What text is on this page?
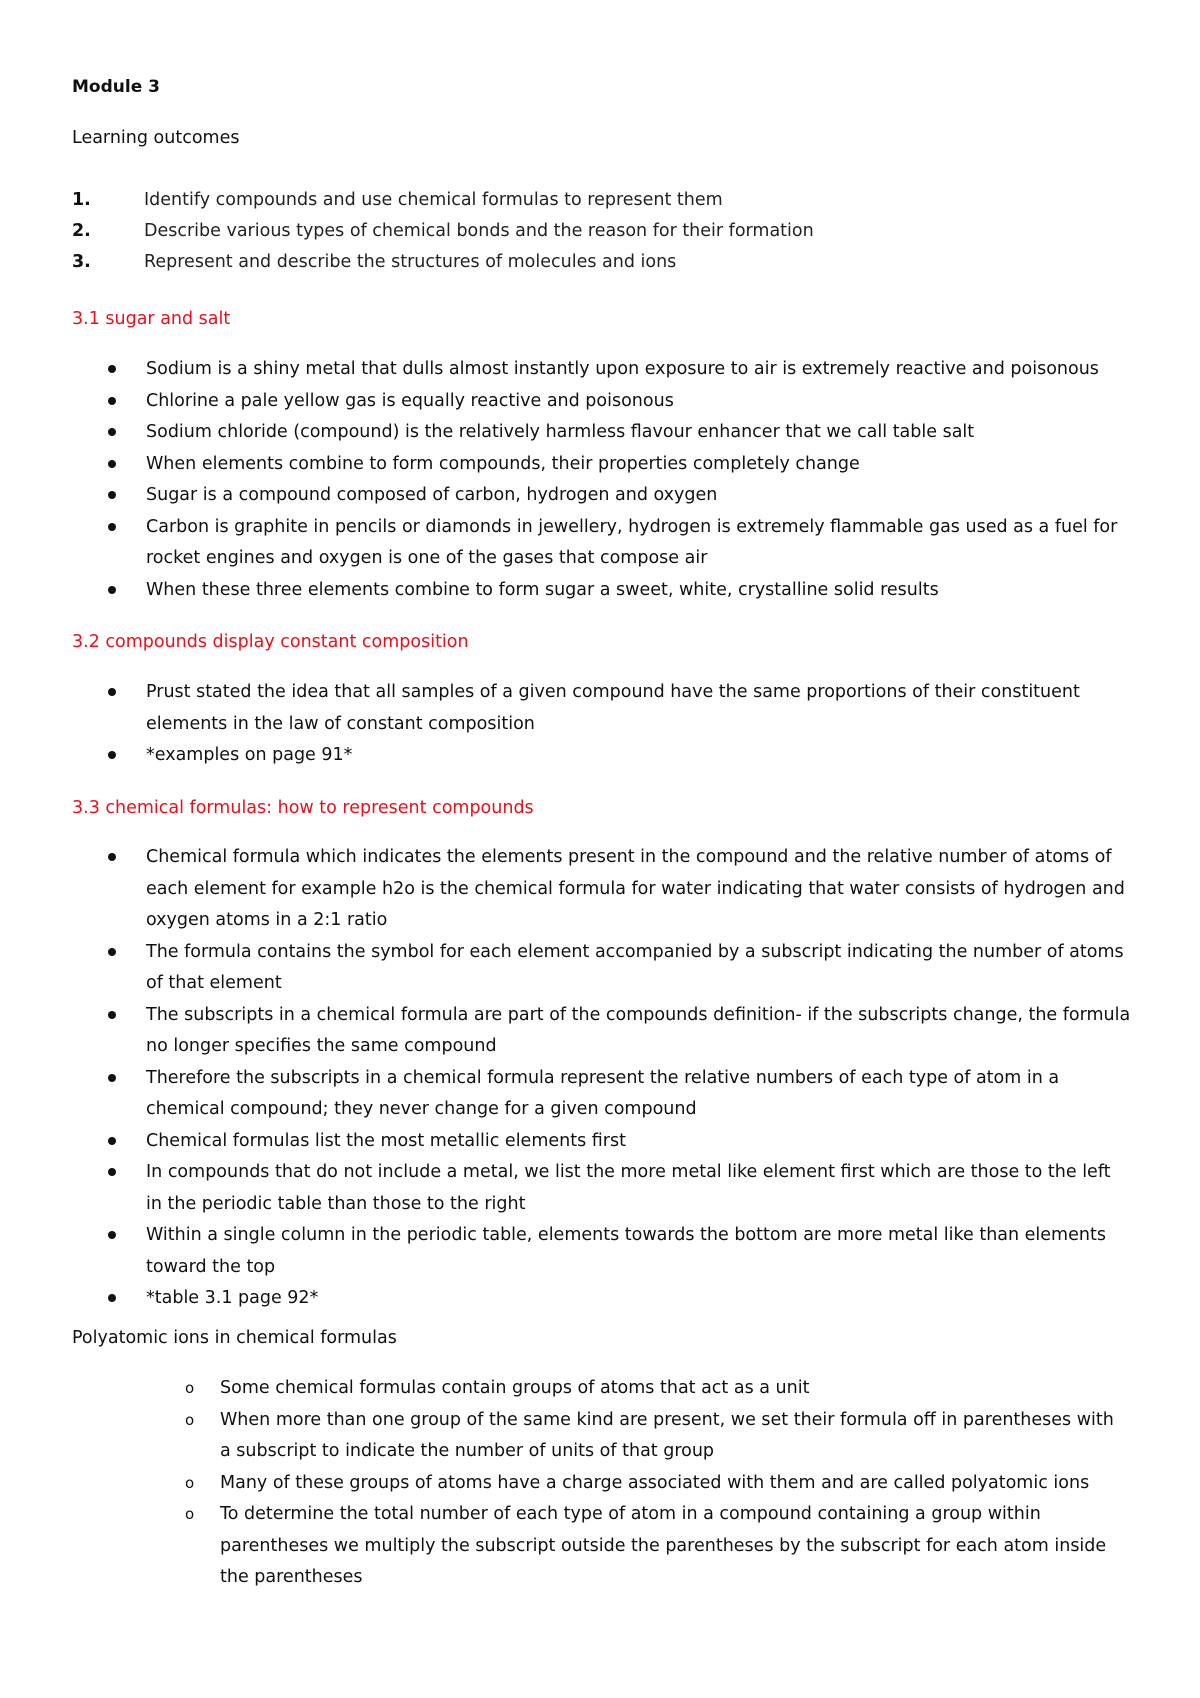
Module 3

Learning outcomes

1.	Identify compounds and use chemical formulas to represent them
2.	Describe various types of chemical bonds and the reason for their formation
3.	Represent and describe the structures of molecules and ions
3.1 sugar and salt
Sodium is a shiny metal that dulls almost instantly upon exposure to air is extremely reactive and poisonous
Chlorine a pale yellow gas is equally reactive and poisonous
Sodium chloride (compound) is the relatively harmless flavour enhancer that we call table salt
When elements combine to form compounds, their properties completely change
Sugar is a compound composed of carbon, hydrogen and oxygen
Carbon is graphite in pencils or diamonds in jewellery, hydrogen is extremely flammable gas used as a fuel for rocket engines and oxygen is one of the gases that compose air
When these three elements combine to form sugar a sweet, white, crystalline solid results
3.2 compounds display constant composition
Prust stated the idea that all samples of a given compound have the same proportions of their constituent elements in the law of constant composition
*examples on page 91*
3.3 chemical formulas: how to represent compounds
Chemical formula which indicates the elements present in the compound and the relative number of atoms of each element for example h2o is the chemical formula for water indicating that water consists of hydrogen and oxygen atoms in a 2:1 ratio
The formula contains the symbol for each element accompanied by a subscript indicating the number of atoms of that element
The subscripts in a chemical formula are part of the compounds definition- if the subscripts change, the formula no longer specifies the same compound
Therefore the subscripts in a chemical formula represent the relative numbers of each type of atom in a chemical compound; they never change for a given compound
Chemical formulas list the most metallic elements first
In compounds that do not include a metal, we list the more metal like element first which are those to the left in the periodic table than those to the right
Within a single column in the periodic table, elements towards the bottom are more metal like than elements toward the top
*table 3.1 page 92*

Polyatomic ions in chemical formulas

o Some chemical formulas contain groups of atoms that act as a unit
o When more than one group of the same kind are present, we set their formula off in parentheses with a subscript to indicate the number of units of that group
o Many of these groups of atoms have a charge associated with them and are called polyatomic ions
o To determine the total number of each type of atom in a compound containing a group within parentheses we multiply the subscript outside the parentheses by the subscript for each atom inside the parentheses
